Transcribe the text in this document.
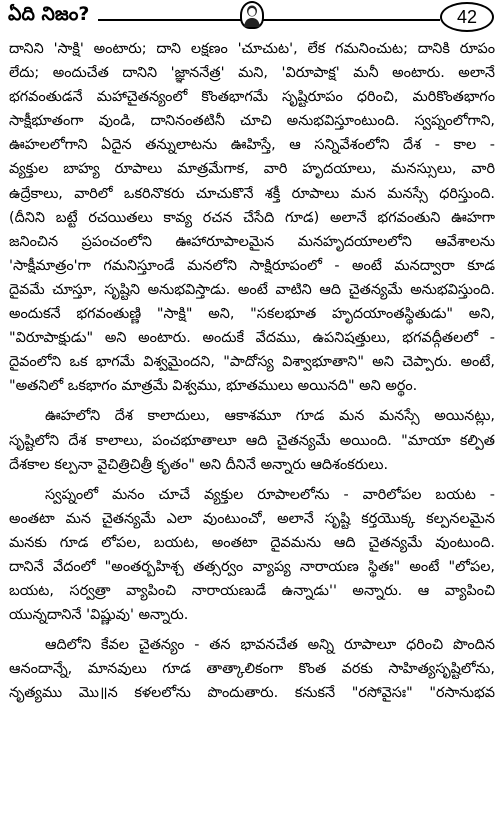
ఏది నిజం?	42
దానిని 'సాక్షి' అంటారు; దాని లక్షణం 'చూచుట', లేక గమనించుట; దానికి రూపం
లేదు; అందుచేత దానిని 'జ్ఞాననేత్ర' మని, 'విరూపాక్ష' మనీ అంటారు. అలానే
భగవంతుడనే మహాచైతన్యంలో కొంతభాగమే సృష్టిరూపం ధరించి, మరికొంతభాగం
సాక్షీభూతంగా వుండి, దానినంతటినీ చూచి అనుభవిస్తూంటుంది. స్వప్నంలోగాని,
ఊహలలోగాని ఏదైన తన్నులాటను ఊహిస్తే, ఆ సన్నివేశంలోని దేశ - కాల -
వ్యక్తుల బాహ్య రూపాలు మాత్రమేగాక, వారి హృదయాలు, మనస్సులు, వారి
ఉద్రేకాలు, వారిలో ఒకరినొకరు చూచుకొనే శక్తీ రూపాలు మన మనస్సే ధరిస్తుంది.
(దీనిని బట్టే రచయితలు కావ్య రచన చేసేది గూడ) అలానే భగవంతుని ఊహగా
జనించిన ప్రపంచంలోని ఊహారూపాలమైన మనహృదయాలలోని ఆవేశాలను
'సాక్షీమాత్రం'గా గమనిస్తూండే మనలోని సాక్షిరూపంలో - అంటే మనద్వారా కూడ
దైవమే చూస్తూ, సృష్టిని అనుభవిస్తాడు. అంటే వాటిని ఆది చైతన్యమే అనుభవిస్తుంది.
అందుకనే భగవంతుణ్ణి "సాక్షి" అని, "సకలభూత హృదయాంతస్థితుడు" అని,
"విరూపాక్షుడు" అని అంటారు. అందుకే వేదము, ఉపనిషత్తులు, భగవద్గీతలలో -
దైవంలోని ఒక భాగమే విశ్వమైందని, "పాదోస్య విశ్వాభూతాని" అని చెప్పారు. అంటే,
"అతనిలో ఒకభాగం మాత్రమే విశ్వము, భూతములు అయినది" అని అర్థం.
ఊహలోని దేశ కాలాదులు, ఆకాశమూ గూడ మన మనస్సే అయినట్లు,
సృష్టిలోని దేశ కాలాలు, పంచభూతాలూ ఆది చైతన్యమే అయింది. "మాయా కల్పిత
దేశకాల కల్పనా వైచిత్రిచిత్రీ కృతం" అని దీనినే అన్నారు ఆదిశంకరులు.
స్వప్నంలో మనం చూచే వ్యక్తుల రూపాలలోను - వారిలోపల బయట -
అంతటా మన చైతన్యమే ఎలా వుంటుంచో, అలానే సృష్టి కర్తయొక్క కల్పనలమైన
మనకు గూడ లోపల, బయట, అంతటా దైవమను ఆది చైతన్యమే వుంటుంది.
దానినే వేదంలో "అంతర్బహిశ్చ తత్సర్వం వ్యాప్య నారాయణ స్థితః" అంటే "లోపల,
బయట, సర్వత్రా వ్యాపించి నారాయణుడే ఉన్నాడు'' అన్నారు. ఆ వ్యాపించి
యున్నదానినే 'విష్ణువు' అన్నారు.
ఆదిలోని కేవల చైతన్యం - తన భావనచేత అన్ని రూపాలూ ధరించి పొందిన
ఆనందాన్నే, మానవులు గూడ తాత్కాలికంగా కొంత వరకు సాహిత్యసృష్టిలోను,
నృత్యము మొ॥న కళలలోను పొందుతారు. కనుకనే "రసోవైసః" "రసానుభవ
